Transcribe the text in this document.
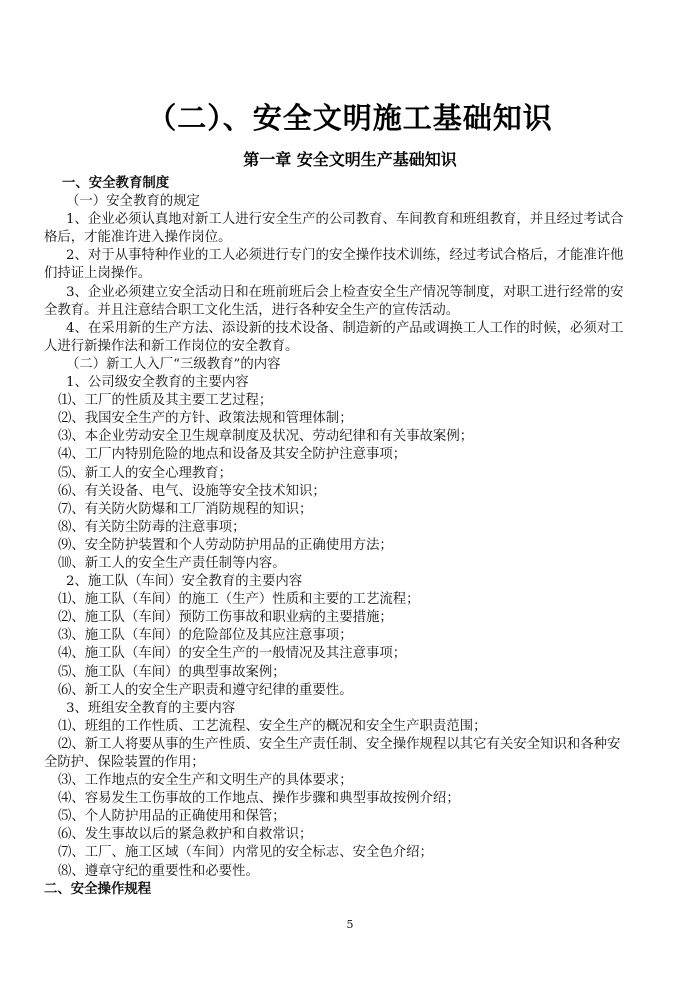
（二）、安全文明施工基础知识
第一章 安全文明生产基础知识
一、安全教育制度
（一）安全教育的规定
1、企业必须认真地对新工人进行安全生产的公司教育、车间教育和班组教育，并且经过考试合
格后，才能准许进入操作岗位。
2、对于从事特种作业的工人必须进行专门的安全操作技术训练，经过考试合格后，才能准许他
们持证上岗操作。
3、企业必须建立安全活动日和在班前班后会上检查安全生产情况等制度，对职工进行经常的安
全教育。并且注意结合职工文化生活，进行各种安全生产的宣传活动。
4、在采用新的生产方法、添设新的技术设备、制造新的产品或调换工人工作的时候，必须对工
人进行新操作法和新工作岗位的安全教育。
（二）新工人入厂“三级教育”的内容
1、公司级安全教育的主要内容
⑴、工厂的性质及其主要工艺过程；
⑵、我国安全生产的方针、政策法规和管理体制；
⑶、本企业劳动安全卫生规章制度及状况、劳动纪律和有关事故案例；
⑷、工厂内特别危险的地点和设备及其安全防护注意事项；
⑸、新工人的安全心理教育；
⑹、有关设备、电气、设施等安全技术知识；
⑺、有关防火防爆和工厂消防规程的知识；
⑻、有关防尘防毒的注意事项；
⑼、安全防护装置和个人劳动防护用品的正确使用方法；
⑽、新工人的安全生产责任制等内容。
2、施工队（车间）安全教育的主要内容
⑴、施工队（车间）的施工（生产）性质和主要的工艺流程；
⑵、施工队（车间）预防工伤事故和职业病的主要措施；
⑶、施工队（车间）的危险部位及其应注意事项；
⑷、施工队（车间）的安全生产的一般情况及其注意事项；
⑸、施工队（车间）的典型事故案例；
⑹、新工人的安全生产职责和遵守纪律的重要性。
3、班组安全教育的主要内容
⑴、班组的工作性质、工艺流程、安全生产的概况和安全生产职责范围；
⑵、新工人将要从事的生产性质、安全生产责任制、安全操作规程以其它有关安全知识和各种安
全防护、保险装置的作用；
⑶、工作地点的安全生产和文明生产的具体要求；
⑷、容易发生工伤事故的工作地点、操作步骤和典型事故按例介绍；
⑸、个人防护用品的正确使用和保管；
⑹、发生事故以后的紧急救护和自救常识；
⑺、工厂、施工区域（车间）内常见的安全标志、安全色介绍；
⑻、遵章守纪的重要性和必要性。
二、安全操作规程
5
